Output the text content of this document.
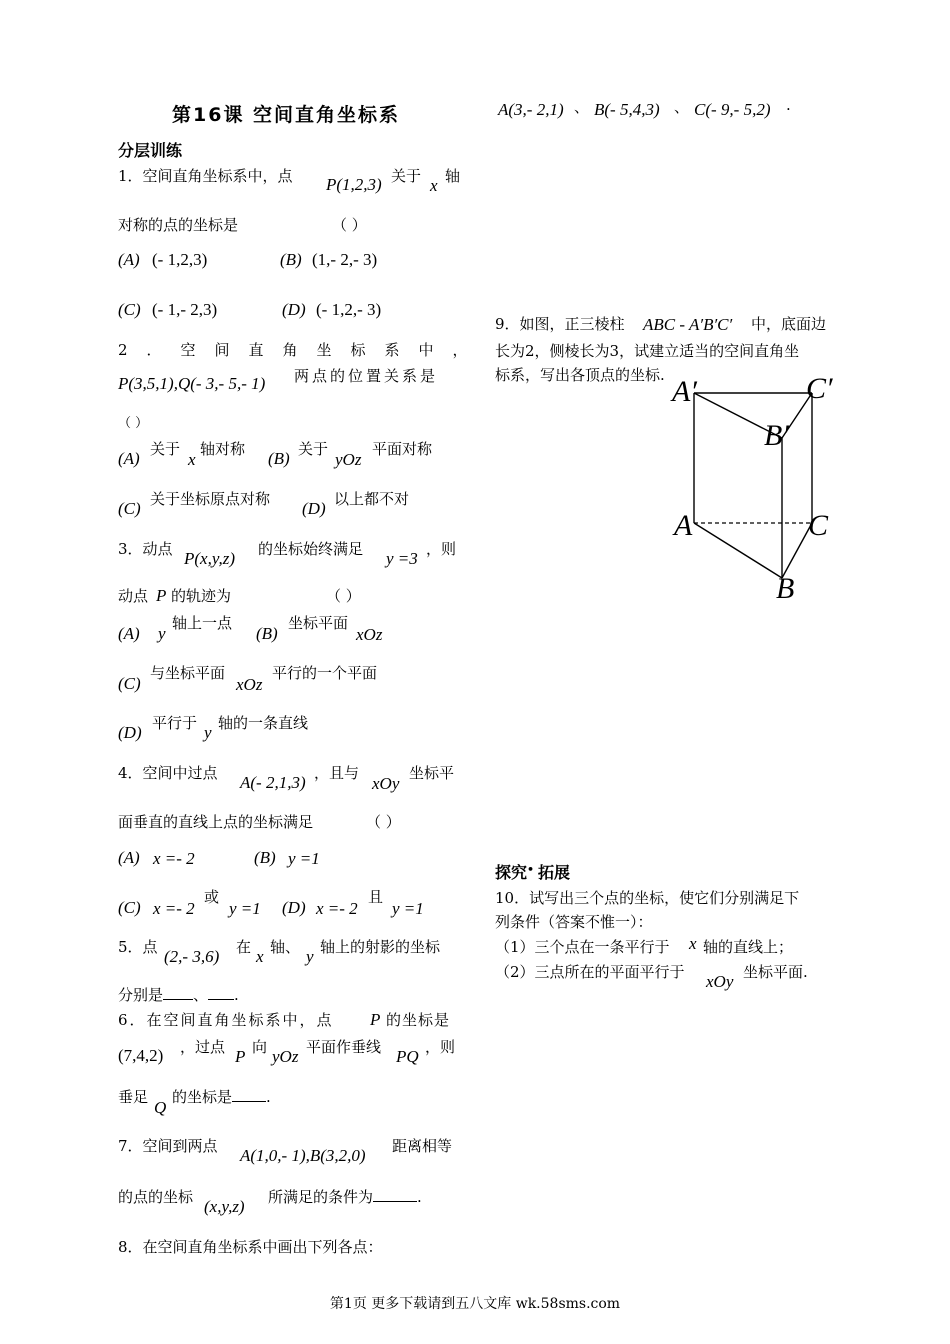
第16课 空间直角坐标系
分层训练
1．空间直角坐标系中，点 P(1,2,3) 关于 x 轴
对称的点的坐标是	（ ）
(A) (- 1,2,3)	(B) (1,- 2,- 3)
(C) (- 1,- 2,3)	(D) (- 1,2,- 3)
2．空间直角坐标系中，
P(3,5,1),Q(- 3,- 5,- 1) 两点的位置关系是
（ ）
(A) 关于
x
轴对称 (B) 关于
yOz
平面对称
(C) 关于坐标原点对称 (D) 以上都不对
3．动点 P(x,y,z) 的坐标始终满足 y =3 ，则
动点 P 的轨迹为	（ ）
(A) y
轴上一点
(B)
坐标平面
xOz
(C)
与坐标平面
xOz
平行的一个平面
(D) 平行于 y 轴的一条直线
4．空间中过点 A(- 2,1,3) ，且与
xOy
坐标平
面垂直的直线上点的坐标满足	（ ）
(A) x =- 2	(B) y =1
(C) x =- 2
或
y =1 (D) x =- 2
且
y =1
5．点 (2,- 3,6) 在 x 轴、 y 轴上的射影的坐标
分别是 、 .
6．在空间直角坐标系中，点 P 的坐标是
(7,4,2) ，过点 P 向 yOz 平面作垂线 PQ ，则
垂足
Q
的坐标是 .
7．空间到两点 A(1,0,- 1),B(3,2,0) 距离相等
的点的坐标 (x,y,z) 所满足的条件为	.
8．在空间直角坐标系中画出下列各点：
A(3,- 2,1) 、 B(- 5,4,3) 、 C(- 9,- 5,2) .
9．如图，正三棱柱 ABC - A′B′C′ 中，底面边
长为2，侧棱长为3，试建立适当的空间直角坐
标系，写出各顶点的坐标. A′	C′
B′
A	C
B
探究• 拓展
10．试写出三个点的坐标，使它们分别满足下
列条件（答案不惟一）：
（1）三个点在一条平行于 x 轴的直线上；
（2）三点所在的平面平行于 xOy 坐标平面.
第1页 更多下载请到五八文库 wk.58sms.com
